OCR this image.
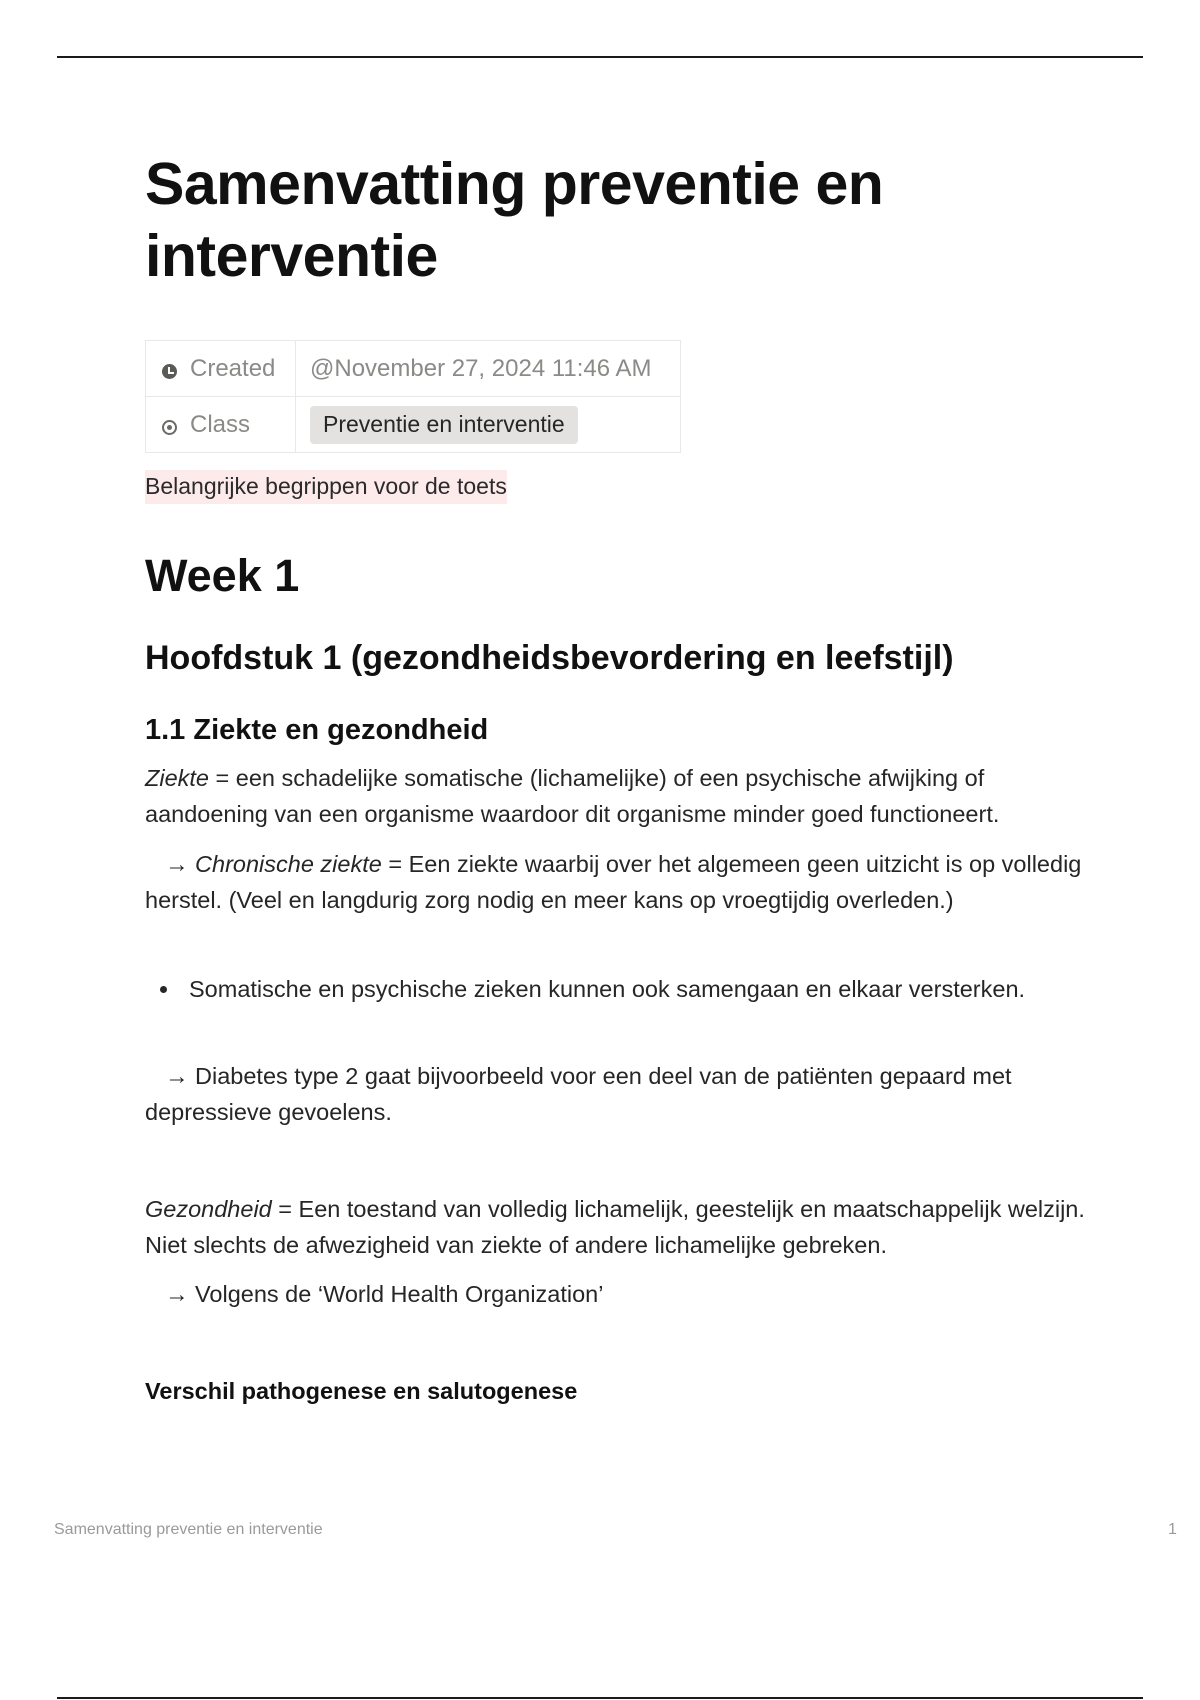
Samenvatting preventie en interventie
Created	@November 27, 2024 11:46 AM
Class	Preventie en interventie
Belangrijke begrippen voor de toets
Week 1
Hoofdstuk 1 (gezondheidsbevordering en leefstijl)
1.1 Ziekte en gezondheid

Ziekte = een schadelijke somatische (lichamelijke) of een psychische afwijking of aandoening van een organisme waardoor dit organisme minder goed functioneert.

→ Chronische ziekte = Een ziekte waarbij over het algemeen geen uitzicht is op volledig herstel. (Veel en langdurig zorg nodig en meer kans op vroegtijdig overleden.)

Somatische en psychische zieken kunnen ook samengaan en elkaar versterken.

→ Diabetes type 2 gaat bijvoorbeeld voor een deel van de patiënten gepaard met depressieve gevoelens.

Gezondheid = Een toestand van volledig lichamelijk, geestelijk en maatschappelijk welzijn. Niet slechts de afwezigheid van ziekte of andere lichamelijke gebreken.

→ Volgens de ‘World Health Organization’

Verschil pathogenese en salutogenese
Samenvatting preventie en interventie	1
